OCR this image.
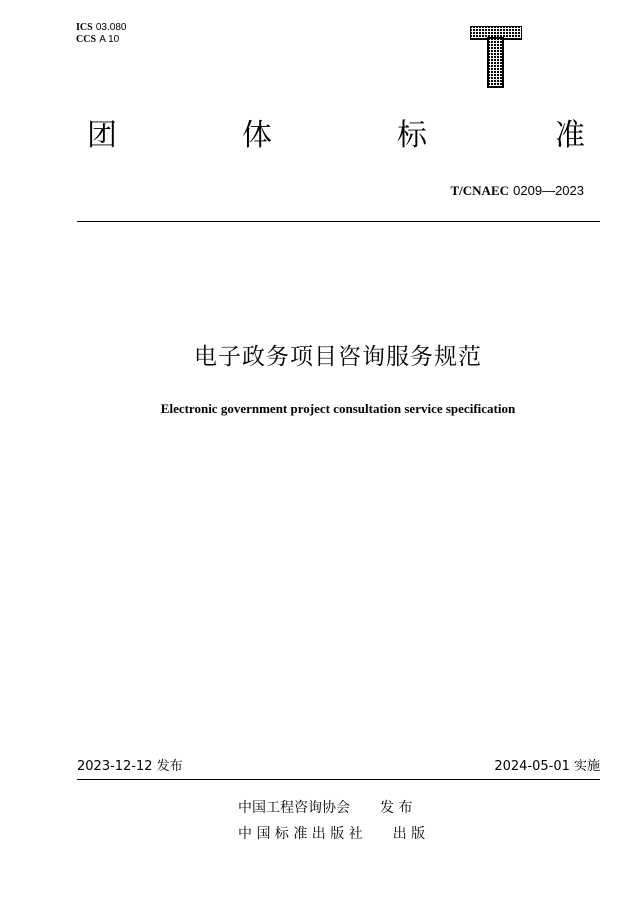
ICS 03.080
CCS A 10
团	体	标	准
T/CNAEC 0209—2023
电子政务项目咨询服务规范
Electronic government project consultation service specification
2023-12-12 发布	2024-05-01 实施
中国工程咨询协会 发 布
中 国 标 准 出 版 社 出 版
